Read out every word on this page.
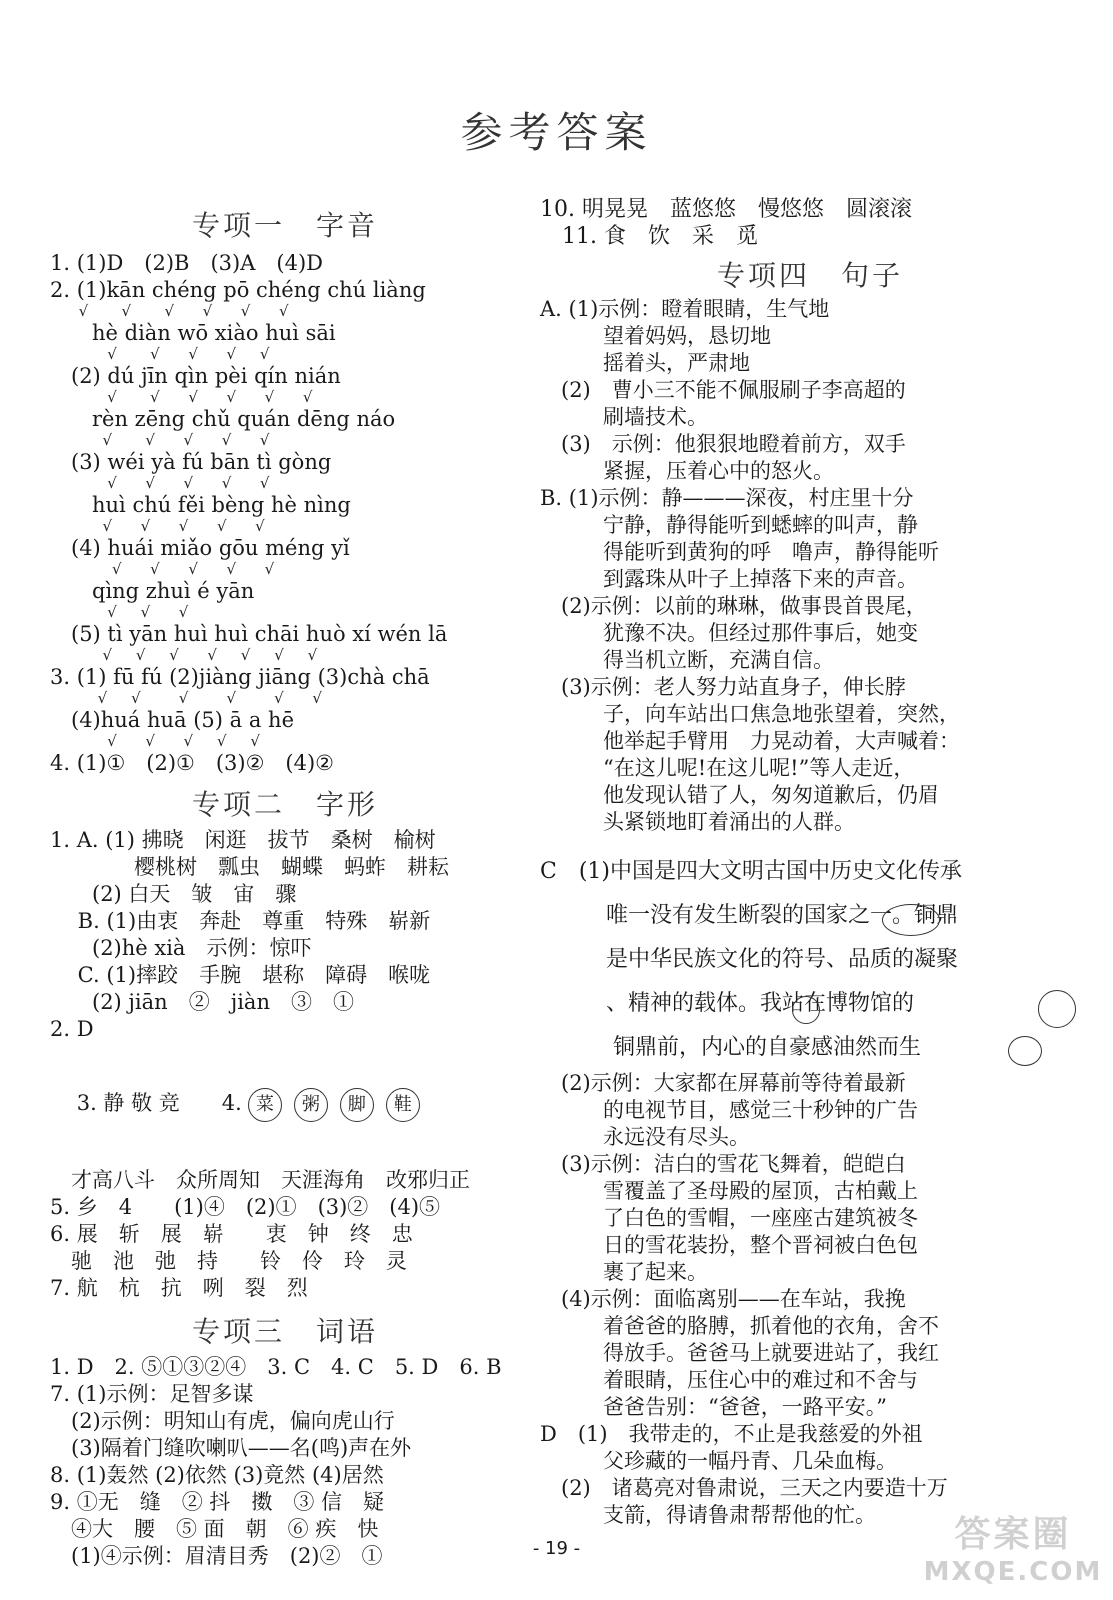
参考答案
专项一　字音
1. (1)D　(2)B　(3)A　(4)D
2. (1)kān chéng pō chéng chú liàng
√       √       √      √      √      √
　　hè diàn wō xiào huì sāi
√       √      √      √     √
　(2) dú jīn qìn pèi qín nián
√       √      √      √      √      √
　　rèn zēng chǔ quán dēng náo
√       √      √      √      √
　(3) wéi yà fú bān tì gòng
√      √      √      √      √
　　huì chú fěi bèng hè nìng
√      √      √      √      √
　(4) huái miǎo gōu méng yǐ
√      √      √      √      √
　　qìng zhuì é yān
√     √      √
　(5) tì yān huì huì chāi huò xí wén lā
√     √     √      √     √     √     √
3. (1) fū fú (2)jiàng jiāng (3)chà chā
√     √        √        √        √      √
　(4)huá huā (5) ā a hē
√      √      √     √     √
4. (1)①　(2)①　(3)②　(4)②
专项二　字形
1. A. (1) 拂晓　闲逛　拔节　桑树　榆树
　　　　樱桃树　瓢虫　蝴蝶　蚂蚱　耕耘
　　(2) 白天　皱　宙　骤
　 B. (1)由衷　奔赴　尊重　特殊　崭新
　　(2)hè xià　示例：惊吓
　 C. (1)摔跤　手腕　堪称　障碍　喉咙
　　(2) jiān　②　jiàn　③　①
2. D

3. 静 敬 竞　　4. 菜 粥 脚 鞋

　才高八斗　众所周知　天涯海角　改邪归正
5. 乡　4　　(1)④　(2)①　(3)②　(4)⑤
6. 展　斩　展　崭　　衷　钟　终　忠
　驰　池　弛　持　　铃　伶　玲　灵
7. 航　杭　抗　咧　裂　烈
专项三　词语
1. D　2. ⑤①③②④　3. C　4. C　5. D　6. B
7. (1)示例：足智多谋
　(2)示例：明知山有虎，偏向虎山行
　(3)隔着门缝吹喇叭——名(鸣)声在外
8. (1)轰然 (2)依然 (3)竟然 (4)居然
9. ①无　缝　② 抖　擞　③ 信　疑
　④大　腰　⑤ 面　朝　⑥ 疾　快
　(1)④示例：眉清目秀　(2)②　①
10. 明晃晃　蓝悠悠　慢悠悠　圆滚滚
　11. 食　饮　采　觅
专项四　句子
A. (1)示例：瞪着眼睛，生气地
　　　望着妈妈，恳切地
　　　摇着头，严肃地
　(2)　曹小三不能不佩服刷子李高超的
　　　刷墙技术。
　(3)　示例：他狠狠地瞪着前方，双手
　　　紧握，压着心中的怒火。
B. (1)示例：静———深夜，村庄里十分
　　　宁静，静得能听到蟋蟀的叫声，静
　　　得能听到黄狗的呼　噜声，静得能听
　　　到露珠从叶子上掉落下来的声音。
　(2)示例：以前的琳琳，做事畏首畏尾，
　　　犹豫不决。但经过那件事后，她变
　　　得当机立断，充满自信。
　(3)示例：老人努力站直身子，伸长脖
　　　子，向车站出口焦急地张望着，突然，
　　　他举起手臂用　力晃动着，大声喊着：
　　　“在这儿呢!在这儿呢!”等人走近，
　　　他发现认错了人，匆匆道歉后，仍眉
　　　头紧锁地盯着涌出的人群。
C　(1)中国是四大文明古国中历史文化传承
　　　唯一没有发生断裂的国家之一。铜鼎
　　　是中华民族文化的符号、品质的凝聚
　　　、精神的载体。我站在博物馆的
　　　 铜鼎前，内心的自豪感油然而生
　(2)示例：大家都在屏幕前等待着最新
　　　的电视节目，感觉三十秒钟的广告
　　　永远没有尽头。
　(3)示例：洁白的雪花飞舞着，皑皑白
　　　雪覆盖了圣母殿的屋顶，古柏戴上
　　　了白色的雪帽，一座座古建筑被冬
　　　日的雪花装扮，整个晋祠被白色包
　　　裹了起来。
　(4)示例：面临离别——在车站，我挽
　　　着爸爸的胳膊，抓着他的衣角，舍不
　　　得放手。爸爸马上就要进站了，我红
　　　着眼睛，压住心中的难过和不舍与
　　　爸爸告别：“爸爸，一路平安。”
D　(1)　我带走的，不止是我慈爱的外祖
　　　父珍藏的一幅丹青、几朵血梅。
　(2)　诸葛亮对鲁肃说，三天之内要造十万
　　　支箭，得请鲁肃帮帮他的忙。
- 19 -	答案圈
MXQE.COM
